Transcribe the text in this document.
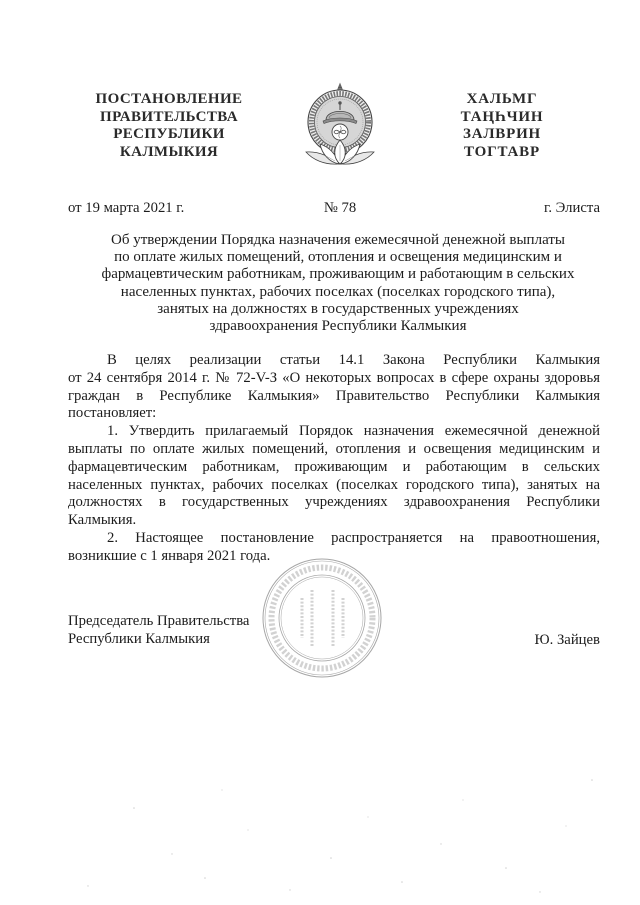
ПОСТАНОВЛЕНИЕ
ПРАВИТЕЛЬСТВА
РЕСПУБЛИКИ
КАЛМЫКИЯ
ХАЛЬМГ
ТАҢҺЧИН
ЗАЛВРИН
ТОГТАВР
от 19 марта 2021 г.	№ 78	г. Элиста
Об утверждении Порядка назначения ежемесячной денежной выплаты
по оплате жилых помещений, отопления и освещения медицинским и
фармацевтическим работникам, проживающим и работающим в сельских
населенных пунктах, рабочих поселках (поселках городского типа),
занятых на должностях в государственных учреждениях
здравоохранения Республики Калмыкия
В целях реализации статьи 14.1 Закона Республики Калмыкия
от 24 сентября 2014 г. № 72-V-З «О некоторых вопросах в сфере охраны здоровья
граждан в Республике Калмыкия» Правительство Республики Калмыкия
постановляет:
1. Утвердить прилагаемый Порядок назначения ежемесячной денежной
выплаты по оплате жилых помещений, отопления и освещения медицинским и
фармацевтическим работникам, проживающим и работающим в сельских
населенных пунктах, рабочих поселках (поселках городского типа), занятых на
должностях в государственных учреждениях здравоохранения Республики
Калмыкия.
2. Настоящее постановление распространяется на правоотношения,
возникшие с 1 января 2021 года.
Председатель Правительства
Республики Калмыкия	Ю. Зайцев
